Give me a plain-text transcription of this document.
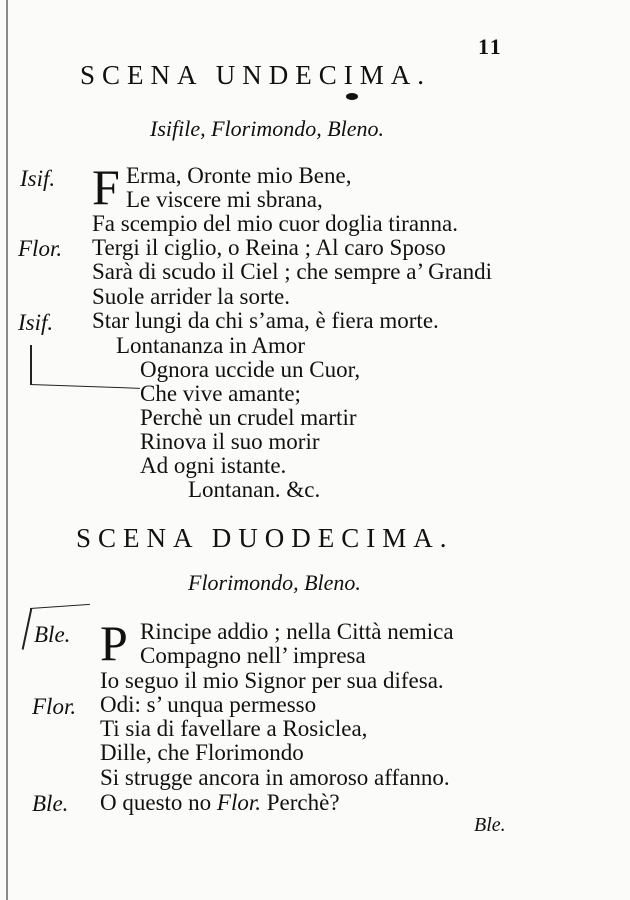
11
SCENA UNDECIMA.
Isifile, Florimondo, Bleno.
Isif. F Erma, Oronte mio Bene,
Le viscere mi sbrana,
Fa scempio del mio cuor doglia tiranna.
Flor. Tergi il ciglio, o Reina ; Al caro Sposo
Sarà di scudo il Ciel ; che sempre a’ Grandi
Suole arrider la sorte.
Isif. Star lungi da chi s’ama, è fiera morte.
Lontananza in Amor
Ognora uccide un Cuor,
Che vive amante;
Perchè un crudel martir
Rinova il suo morir
Ad ogni istante.
Lontanan. &c.
SCENA DUODECIMA.
Florimondo, Bleno.
Ble. P Rincipe addio ; nella Città nemica
Compagno nell’ impresa
Io seguo il mio Signor per sua difesa.
Flor. Odi: s’ unqua permesso
Ti sia di favellare a Rosiclea,
Dille, che Florimondo
Si strugge ancora in amoroso affanno.
Ble. O questo no Flor. Perchè?
Ble.
